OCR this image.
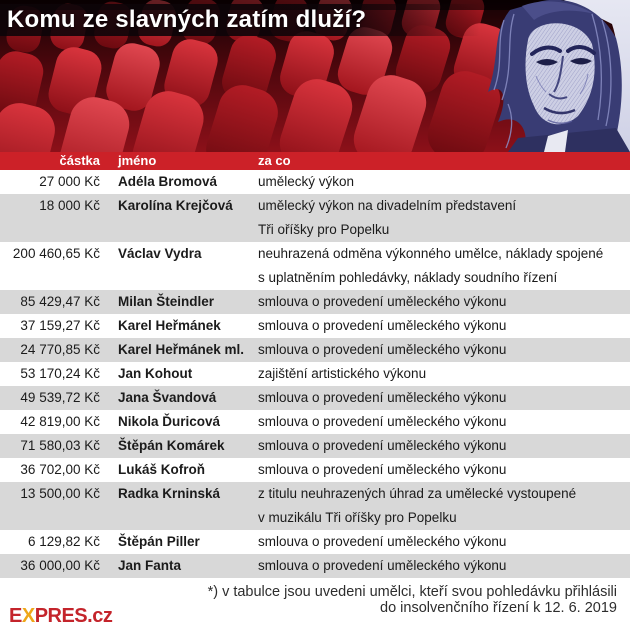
Komu ze slavných zatím dluží?
částka jméno	za co
27 000 Kč Adéla Bromová	umělecký výkon
18 000 Kč Karolína Krejčová	umělecký výkon na divadelním představení
Tři oříšky pro Popelku
200 460,65 Kč Václav Vydra	neuhrazená odměna výkonného umělce, náklady spojené
s uplatněním pohledávky, náklady soudního řízení
85 429,47 Kč Milan Šteindler	smlouva o provedení uměleckého výkonu
37 159,27 Kč Karel Heřmánek	smlouva o provedení uměleckého výkonu
24 770,85 Kč Karel Heřmánek ml.	smlouva o provedení uměleckého výkonu
53 170,24 Kč Jan Kohout	zajištění artistického výkonu
49 539,72 Kč Jana Švandová	smlouva o provedení uměleckého výkonu
42 819,00 Kč Nikola Ďuricová	smlouva o provedení uměleckého výkonu
71 580,03 Kč Štěpán Komárek	smlouva o provedení uměleckého výkonu
36 702,00 Kč Lukáš Kofroň	smlouva o provedení uměleckého výkonu
13 500,00 Kč Radka Krninská	z titulu neuhrazených úhrad za umělecké vystoupené
v muzikálu Tři oříšky pro Popelku
6 129,82 Kč Štěpán Piller	smlouva o provedení uměleckého výkonu
36 000,00 Kč Jan Fanta	smlouva o provedení uměleckého výkonu
*) v tabulce jsou uvedeni umělci, kteří svou pohledávku přihlásili
do insolvenčního řízení k 12. 6. 2019
EXPRES.cz
